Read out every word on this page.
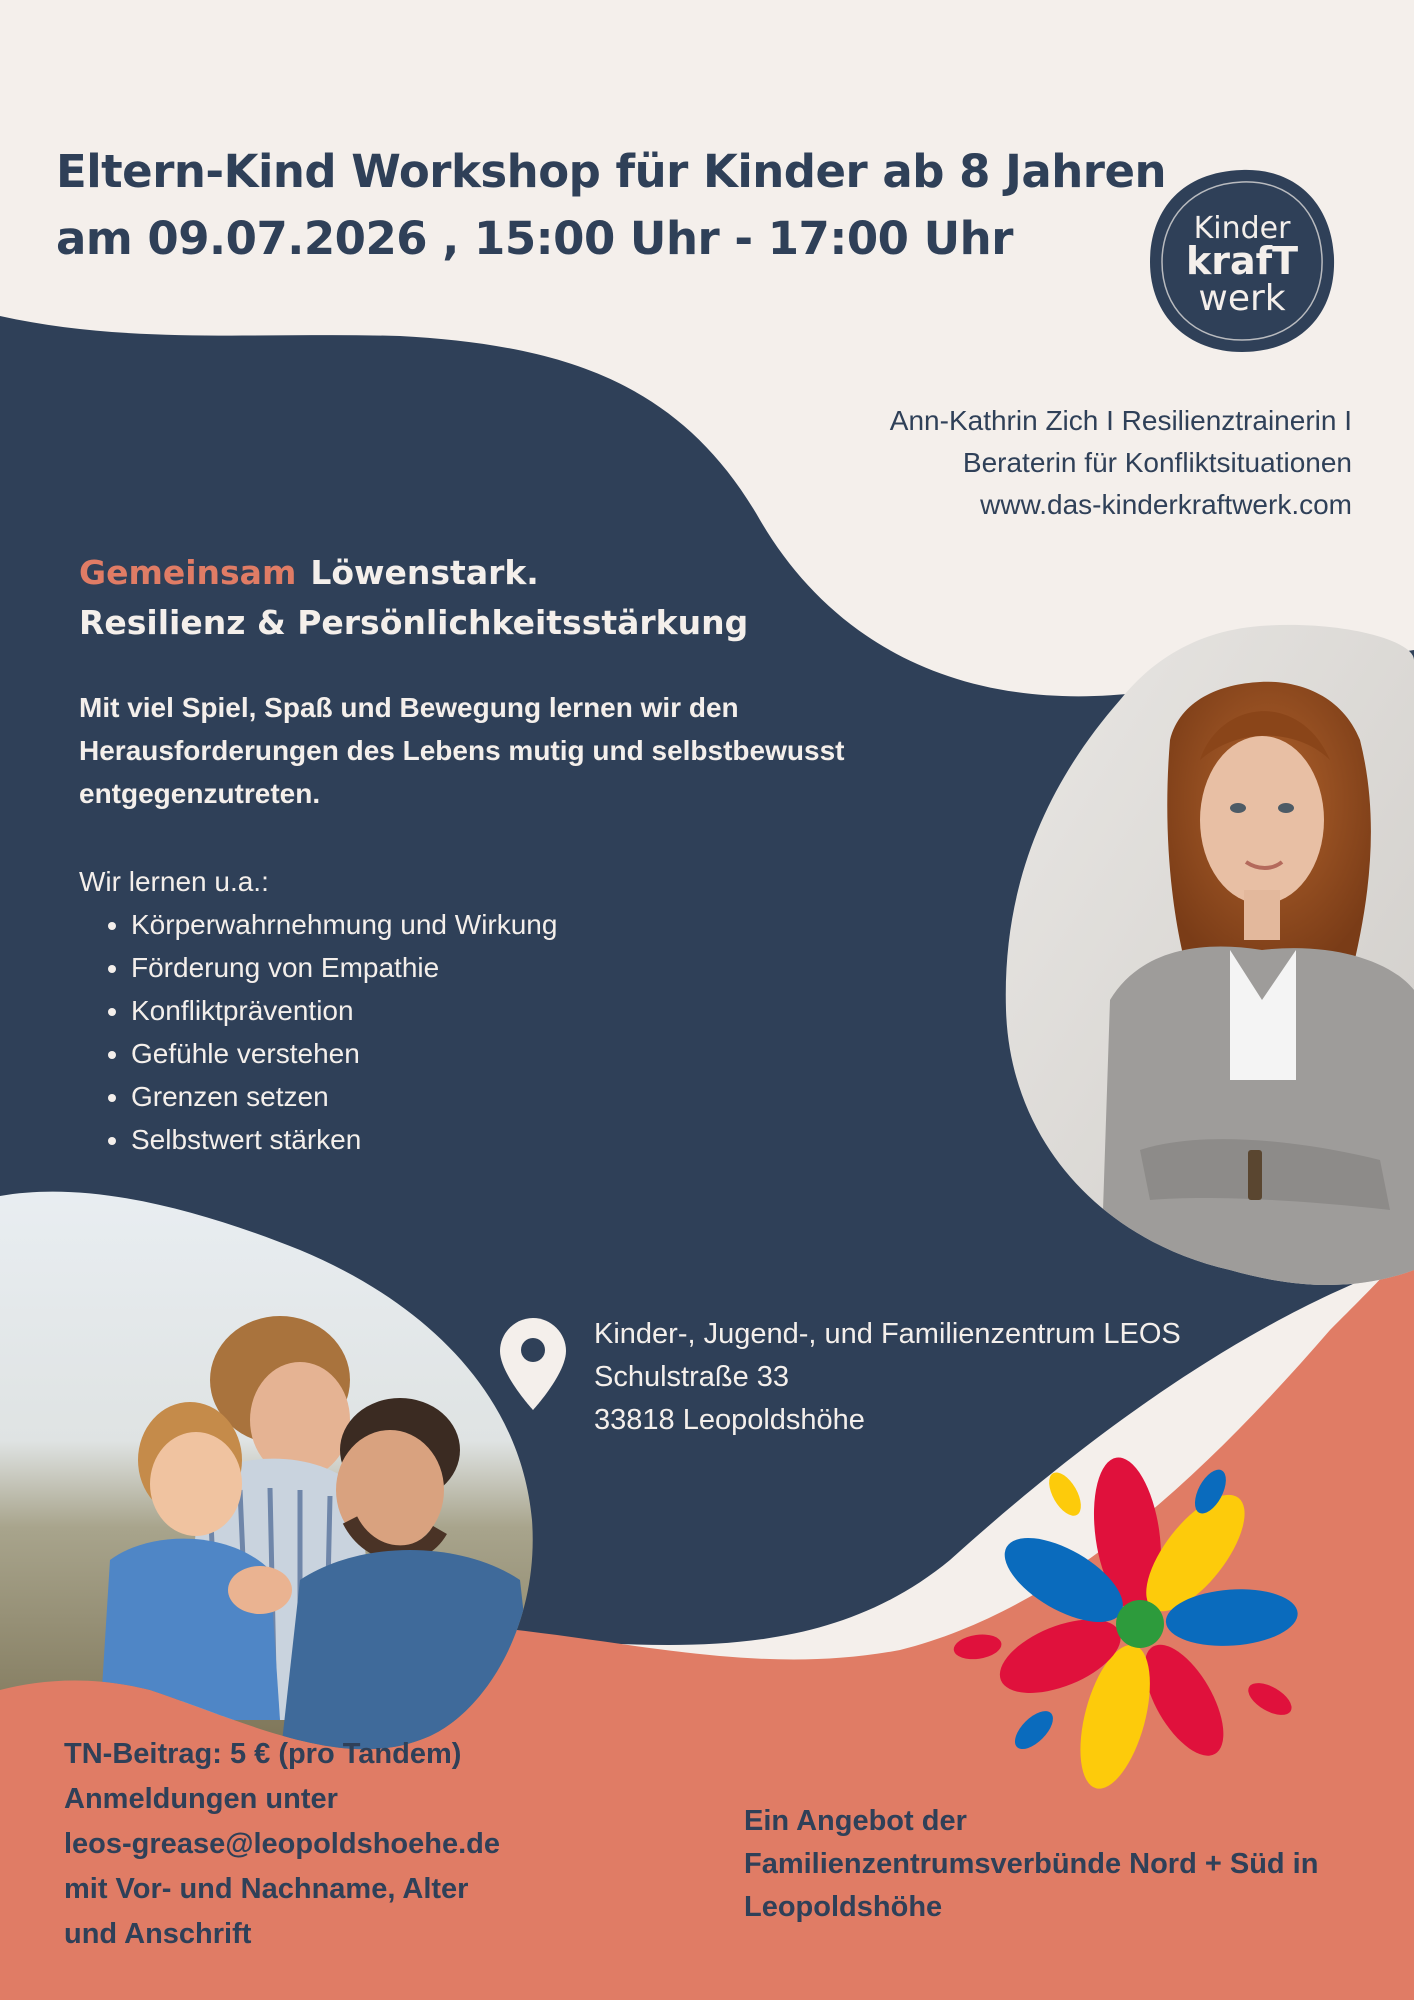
Eltern-Kind Workshop für Kinder ab 8 Jahren
am 09.07.2026 , 15:00 Uhr - 17:00 Uhr	Kinder
krafT
werk
Ann-Kathrin Zich I Resilienztrainerin I
Beraterin für Konfliktsituationen
www.das-kinderkraftwerk.com
Gemeinsam Löwenstark.
Resilienz & Persönlichkeitsstärkung
Mit viel Spiel, Spaß und Bewegung lernen wir den
Herausforderungen des Lebens mutig und selbstbewusst
entgegenzutreten.
Wir lernen u.a.:
• Körperwahrnehmung und Wirkung
• Förderung von Empathie
• Konfliktprävention
• Gefühle verstehen
• Grenzen setzen
• Selbstwert stärken
Kinder-, Jugend-, und Familienzentrum LEOS
Schulstraße 33
33818 Leopoldshöhe
TN-Beitrag: 5 € (pro Tandem)
Anmeldungen unter
leos-grease@leopoldshoehe.de
mit Vor- und Nachname, Alter
und Anschrift
Ein Angebot der
Familienzentrumsverbünde Nord + Süd in
Leopoldshöhe
